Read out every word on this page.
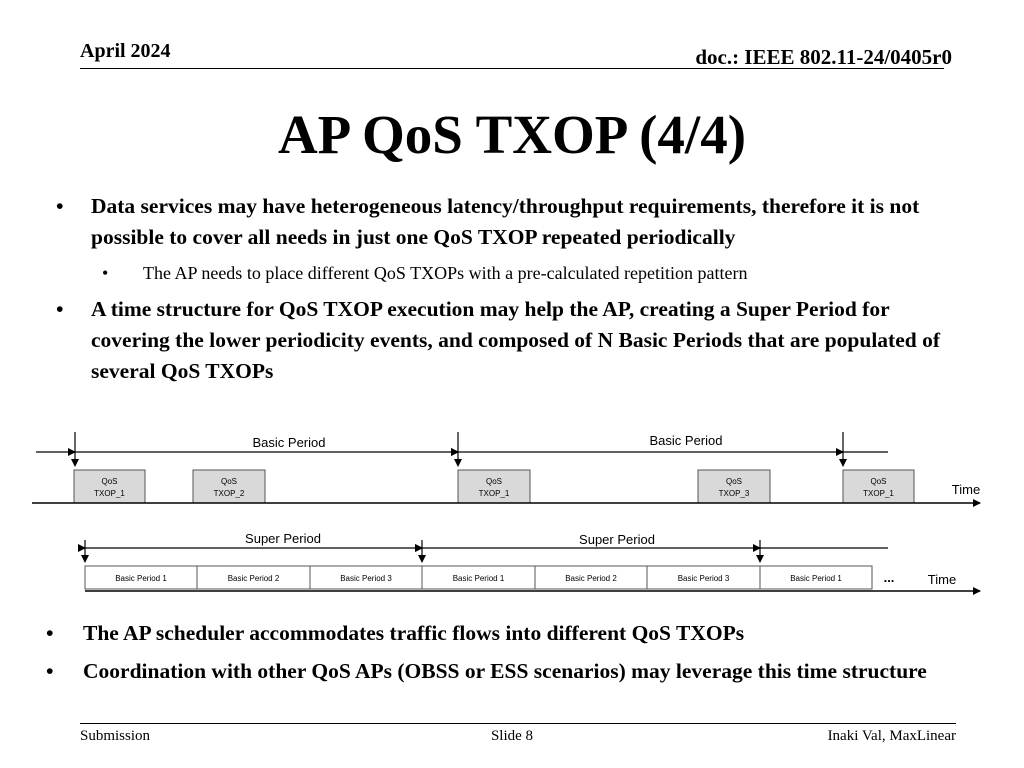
April 2024	doc.: IEEE 802.11-24/0405r0
AP QoS TXOP (4/4)
• Data services may have heterogeneous latency/throughput requirements, therefore it is not possible to cover all needs in just one QoS TXOP repeated periodically
• The AP needs to place different QoS TXOPs with a pre-calculated repetition pattern
• A time structure for QoS TXOP execution may help the AP, creating a Super Period for covering the lower periodicity events, and composed of N Basic Periods that are populated of several QoS TXOPs
Basic Period	Basic Period
QoS
TXOP_1
QoS
TXOP_2
QoS
TXOP_1
QoS
TXOP_3
QoS
TXOP_1	Time
Super Period	Super Period
Basic Period 1	Basic Period 2	Basic Period 3	Basic Period 1	Basic Period 2	Basic Period 3	Basic Period 1	...	Time
• The AP scheduler accommodates traffic flows into different QoS TXOPs
• Coordination with other QoS APs (OBSS or ESS scenarios) may leverage this time structure
Submission	Slide 8	Inaki Val, MaxLinear
